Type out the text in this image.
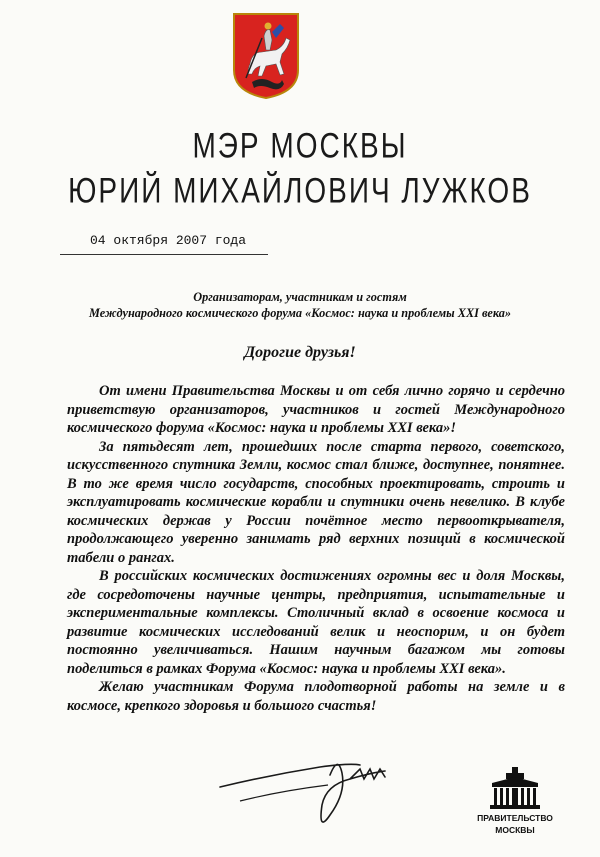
МЭР МОСКВЫ
ЮРИЙ МИХАЙЛОВИЧ ЛУЖКОВ
04 октября 2007 года
Организаторам, участникам и гостям
Международного космического форума «Космос: наука и проблемы XXI века»
Дорогие друзья!

От имени Правительства Москвы и от себя лично горячо и сердечно приветствую организаторов, участников и гостей Международного космического форума «Космос: наука и проблемы XXI века»!

За пятьдесят лет, прошедших после старта первого, советского, искусственного спутника Земли, космос стал ближе, доступнее, понятнее. В то же время число государств, способных проектировать, строить и эксплуатировать космические корабли и спутники очень невелико. В клубе космических держав у России почётное место первооткрывателя, продолжающего уверенно занимать ряд верхних позиций в космической табели о рангах.

В российских космических достижениях огромны вес и доля Москвы, где сосредоточены научные центры, предприятия, испытательные и экспериментальные комплексы. Столичный вклад в освоение космоса и развитие космических исследований велик и неоспорим, и он будет постоянно увеличиваться. Нашим научным багажом мы готовы поделиться в рамках Форума «Космос: наука и проблемы XXI века».

Желаю участникам Форума плодотворной работы на земле и в космосе, крепкого здоровья и большого счастья!

ПРАВИТЕЛЬСТВО
МОСКВЫ
